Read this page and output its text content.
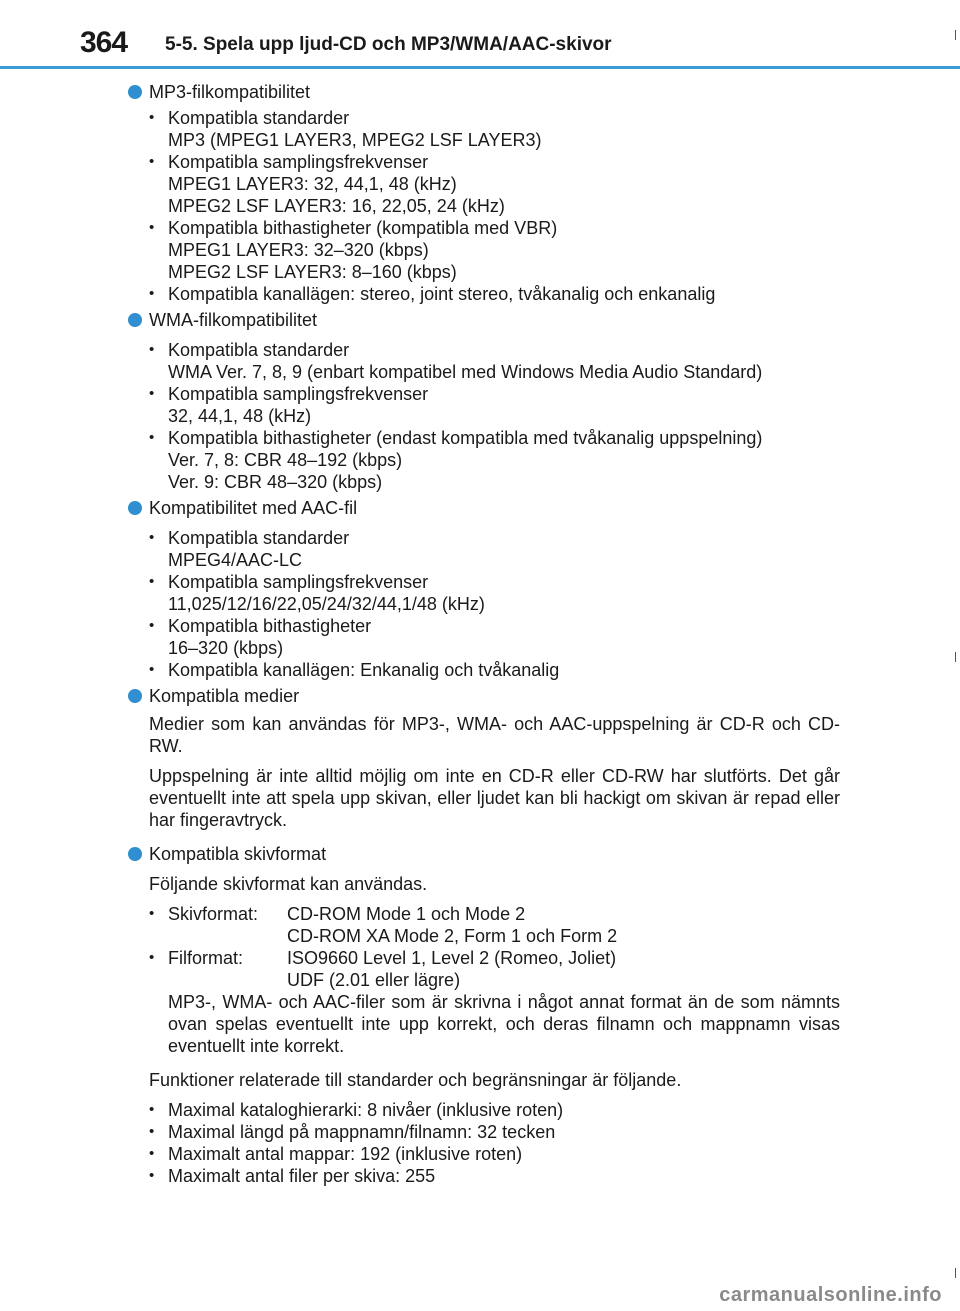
364 5-5. Spela upp ljud-CD och MP3/WMA/AAC-skivor
MP3-filkompatibilitet
• Kompatibla standarder
MP3 (MPEG1 LAYER3, MPEG2 LSF LAYER3)
• Kompatibla samplingsfrekvenser
MPEG1 LAYER3: 32, 44,1, 48 (kHz)
MPEG2 LSF LAYER3: 16, 22,05, 24 (kHz)
• Kompatibla bithastigheter (kompatibla med VBR)
MPEG1 LAYER3: 32–320 (kbps)
MPEG2 LSF LAYER3: 8–160 (kbps)
• Kompatibla kanallägen: stereo, joint stereo, tvåkanalig och enkanalig
WMA-filkompatibilitet
• Kompatibla standarder
WMA Ver. 7, 8, 9 (enbart kompatibel med Windows Media Audio Standard)
• Kompatibla samplingsfrekvenser
32, 44,1, 48 (kHz)
• Kompatibla bithastigheter (endast kompatibla med tvåkanalig uppspelning)
Ver. 7, 8: CBR 48–192 (kbps)
Ver. 9: CBR 48–320 (kbps)
Kompatibilitet med AAC-fil
• Kompatibla standarder
MPEG4/AAC-LC
• Kompatibla samplingsfrekvenser
11,025/12/16/22,05/24/32/44,1/48 (kHz)
• Kompatibla bithastigheter
16–320 (kbps)
• Kompatibla kanallägen: Enkanalig och tvåkanalig
Kompatibla medier

Medier som kan användas för MP3-, WMA- och AAC-uppspelning är CD-R och CD-RW.

Uppspelning är inte alltid möjlig om inte en CD-R eller CD-RW har slutförts. Det går eventuellt inte att spela upp skivan, eller ljudet kan bli hackigt om skivan är repad eller har fingeravtryck.

Kompatibla skivformat

Följande skivformat kan användas.

• Skivformat:	CD-ROM Mode 1 och Mode 2
CD-ROM XA Mode 2, Form 1 och Form 2
• Filformat:	ISO9660 Level 1, Level 2 (Romeo, Joliet)
UDF (2.01 eller lägre)

MP3-, WMA- och AAC-filer som är skrivna i något annat format än de som nämnts ovan spelas eventuellt inte upp korrekt, och deras filnamn och mappnamn visas eventuellt inte korrekt.

Funktioner relaterade till standarder och begränsningar är följande.

• Maximal kataloghierarki: 8 nivåer (inklusive roten)
• Maximal längd på mappnamn/filnamn: 32 tecken
• Maximalt antal mappar: 192 (inklusive roten)
• Maximalt antal filer per skiva: 255
carmanualsonline.info
